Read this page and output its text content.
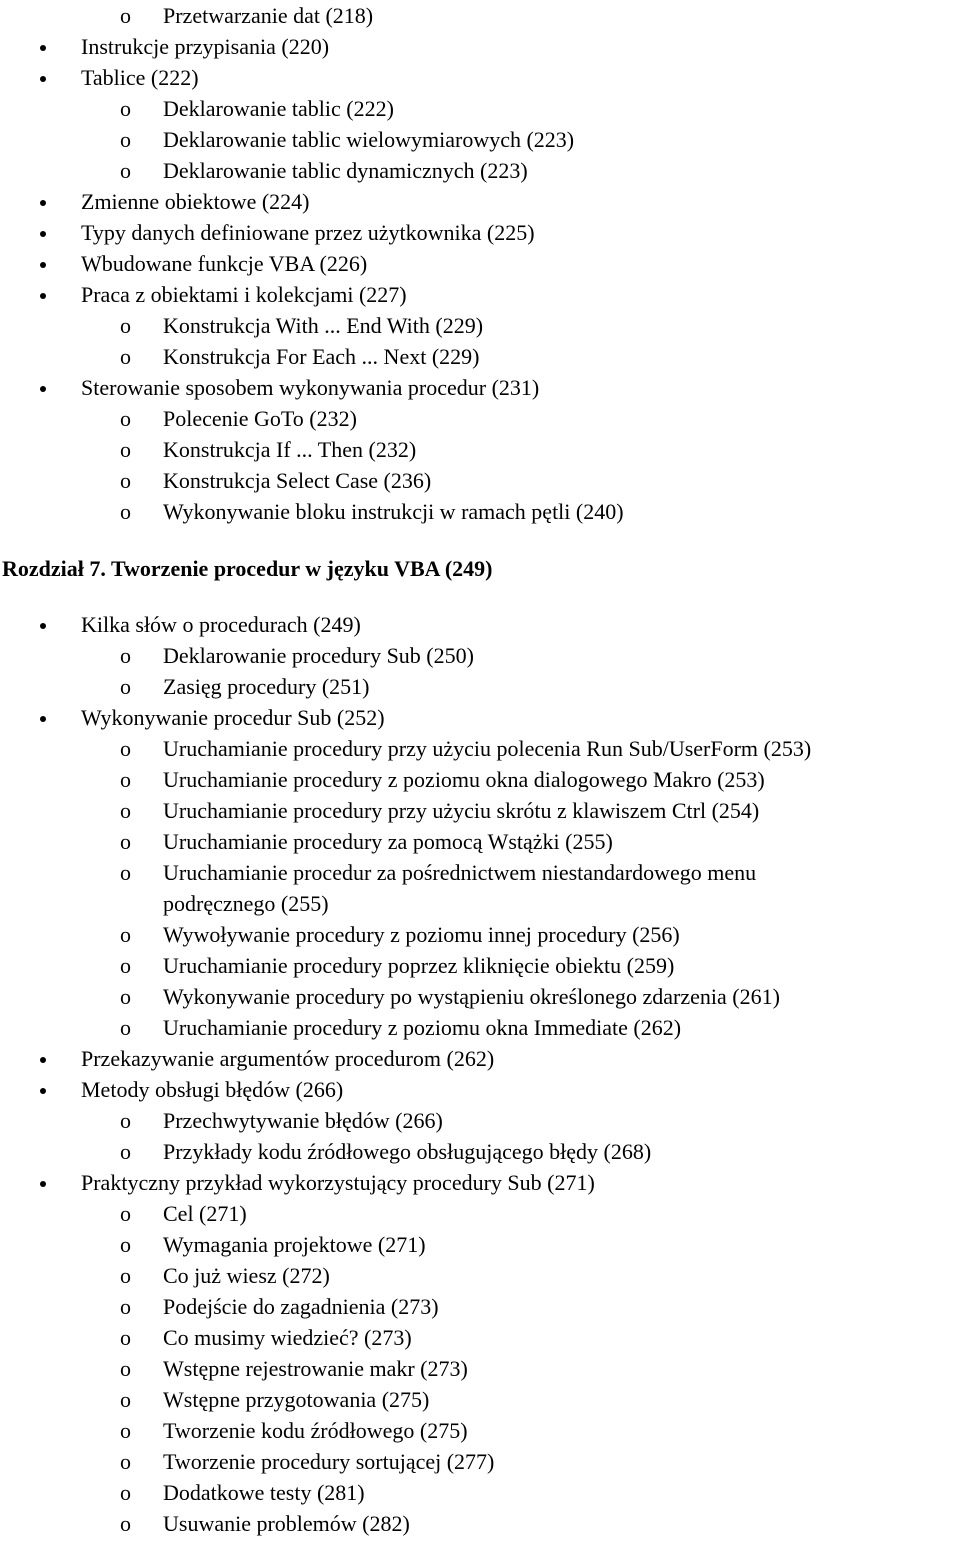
o Przetwarzanie dat (218)
Instrukcje przypisania (220)
Tablice (222)
o Deklarowanie tablic (222)
o Deklarowanie tablic wielowymiarowych (223)
o Deklarowanie tablic dynamicznych (223)
Zmienne obiektowe (224)
Typy danych definiowane przez użytkownika (225)
Wbudowane funkcje VBA (226)
Praca z obiektami i kolekcjami (227)
o Konstrukcja With ... End With (229)
o Konstrukcja For Each ... Next (229)
Sterowanie sposobem wykonywania procedur (231)
o Polecenie GoTo (232)
o Konstrukcja If ... Then (232)
o Konstrukcja Select Case (236)
o Wykonywanie bloku instrukcji w ramach pętli (240)
Rozdział 7. Tworzenie procedur w języku VBA (249)
Kilka słów o procedurach (249)
o Deklarowanie procedury Sub (250)
o Zasięg procedury (251)
Wykonywanie procedur Sub (252)
o Uruchamianie procedury przy użyciu polecenia Run Sub/UserForm (253)
o Uruchamianie procedury z poziomu okna dialogowego Makro (253)
o Uruchamianie procedury przy użyciu skrótu z klawiszem Ctrl (254)
o Uruchamianie procedury za pomocą Wstążki (255)
o Uruchamianie procedur za pośrednictwem niestandardowego menu
podręcznego (255)
o Wywoływanie procedury z poziomu innej procedury (256)
o Uruchamianie procedury poprzez kliknięcie obiektu (259)
o Wykonywanie procedury po wystąpieniu określonego zdarzenia (261)
o Uruchamianie procedury z poziomu okna Immediate (262)
Przekazywanie argumentów procedurom (262)
Metody obsługi błędów (266)
o Przechwytywanie błędów (266)
o Przykłady kodu źródłowego obsługującego błędy (268)
Praktyczny przykład wykorzystujący procedury Sub (271)
o Cel (271)
o Wymagania projektowe (271)
o Co już wiesz (272)
o Podejście do zagadnienia (273)
o Co musimy wiedzieć? (273)
o Wstępne rejestrowanie makr (273)
o Wstępne przygotowania (275)
o Tworzenie kodu źródłowego (275)
o Tworzenie procedury sortującej (277)
o Dodatkowe testy (281)
o Usuwanie problemów (282)
